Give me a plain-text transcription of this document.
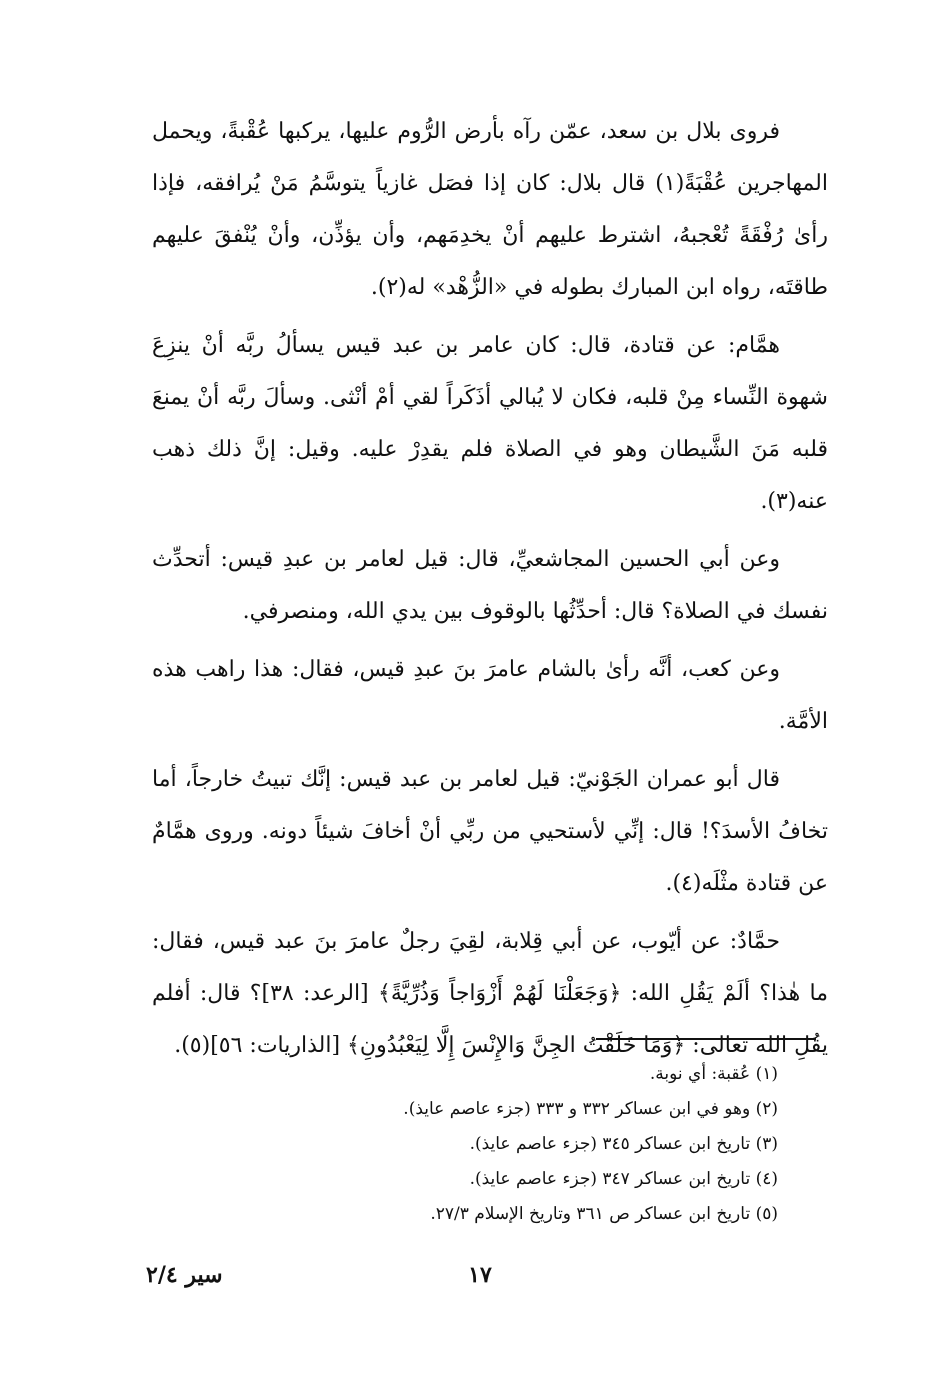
فروى بلال بن سعد، عمّن رآه بأرض الرُّوم عليها، يركبها عُقْبةً، ويحمل المهاجرين عُقْبَةً(١) قال بلال: كان إذا فصَل غازياً يتوسَّمُ مَنْ يُرافقه، فإذا رأىٰ رُفْقَةً تُعْجبهُ، اشترط عليهم أنْ يخدِمَهم، وأن يؤذِّن، وأنْ يُنْفقَ عليهم طاقتَه، رواه ابن المبارك بطوله في «الزُّهْد» له(٢).

همَّام: عن قتادة، قال: كان عامر بن عبد قيس يسألُ ربَّه أنْ ينزِعَ شهوة النِّساء مِنْ قلبه، فكان لا يُبالي أذَكَراً لقي أمْ أنْثى. وسألَ ربَّه أنْ يمنعَ قلبه مَنَ الشَّيطان وهو في الصلاة فلم يقدِرْ عليه. وقيل: إنَّ ذلك ذهب عنه(٣).

وعن أبي الحسين المجاشعيِّ، قال: قيل لعامر بن عبدِ قيس: أتحدِّث نفسك في الصلاة؟ قال: أحدِّثُها بالوقوف بين يدي الله، ومنصرفي.

وعن كعب، أنَّه رأىٰ بالشام عامرَ بنَ عبدِ قيس، فقال: هذا راهب هذه الأمَّة.

قال أبو عمران الجَوْنيّ: قيل لعامر بن عبد قيس: إنَّك تبيتُ خارجاً، أما تخافُ الأسدَ؟! قال: إنِّي لأستحيي من ربِّي أنْ أخافَ شيئاً دونه. وروى همَّامٌ عن قتادة مثْلَه(٤).

حمَّادٌ: عن أيّوب، عن أبي قِلابة، لقِيَ رجلٌ عامرَ بنَ عبد قيس، فقال: ما هٰذا؟ ألَمْ يَقُلِ الله: ﴿وَجَعَلْنَا لَهُمْ أَزْوَاجاً وَذُرِّيَّةً﴾ [الرعد: ٣٨]؟ قال: أفلم يقُلِ الله تعالى: ﴿وَمَا خَلَقْتُ الجِنَّ وَالإِنْسَ إِلَّا لِيَعْبُدُونِ﴾ [الذاريات: ٥٦](٥).

(١) عُقبة: أي نوبة.

(٢) وهو في ابن عساكر ٣٣٢ و ٣٣٣ (جزء عاصم عايذ).

(٣) تاريخ ابن عساكر ٣٤٥ (جزء عاصم عايذ).

(٤) تاريخ ابن عساكر ٣٤٧ (جزء عاصم عايذ).

(٥) تاريخ ابن عساكر ص ٣٦١ وتاريخ الإسلام ٢٧/٣.

١٧
سير ٢/٤
